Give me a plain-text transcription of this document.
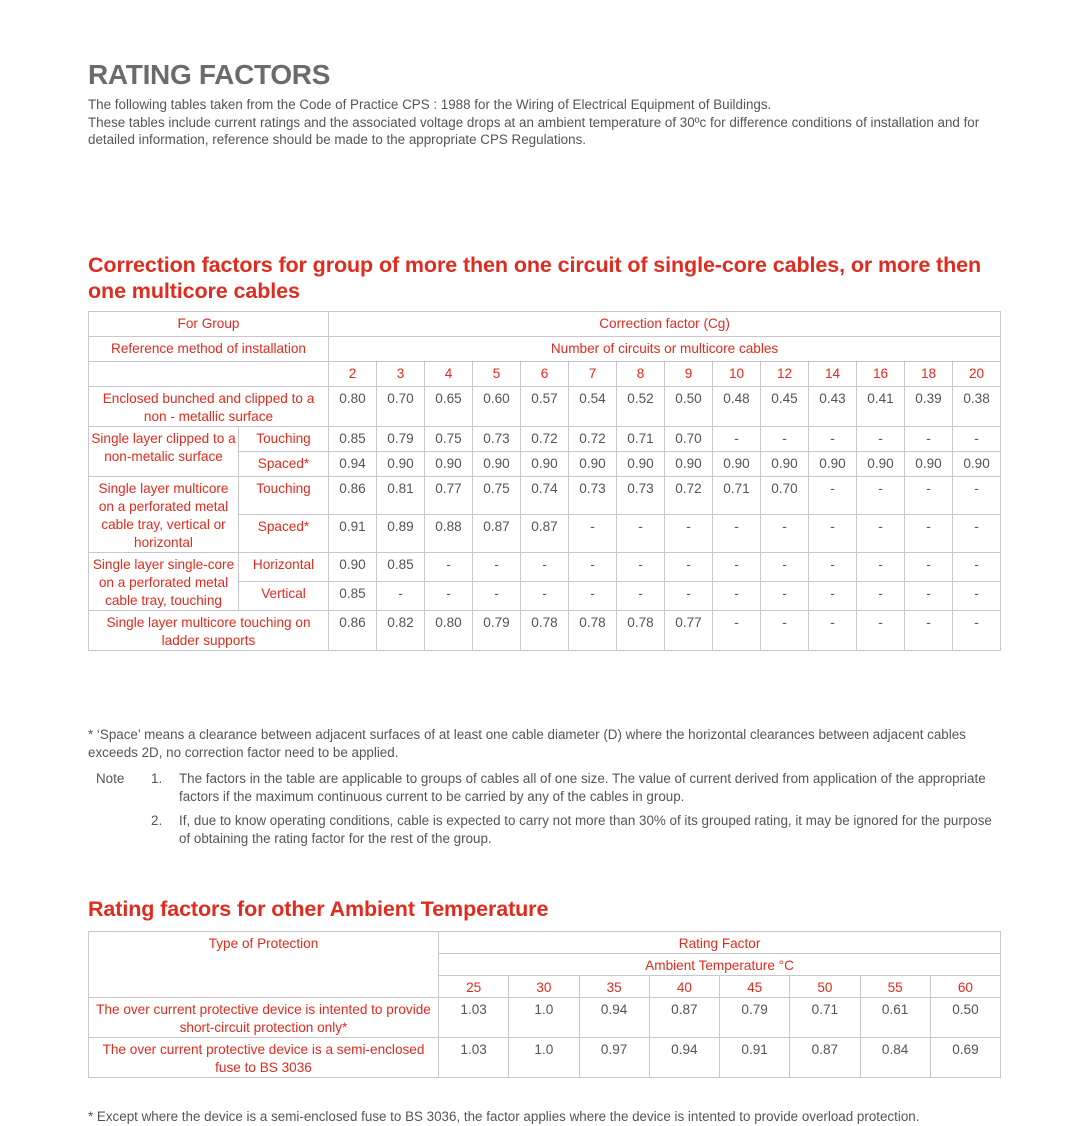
RATING FACTORS

The following tables taken from the Code of Practice CPS : 1988 for the Wiring of Electrical Equipment of Buildings.

These tables include current ratings and the associated voltage drops at an ambient temperature of 30ºc for difference conditions of installation and for detailed information, reference should be made to the appropriate CPS Regulations.

Correction factors for group of more then one circuit of single-core cables, or more then one multicore cables
For Group		Correction factor (Cg)													
Reference method of installation		Number of circuits or multicore cables													
		2	3	4	5	6	7	8	9	10	12	14	16	18	20
Enclosed bunched and clipped to a non - metallic surface		0.80	0.70	0.65	0.60	0.57	0.54	0.52	0.50	0.48	0.45	0.43	0.41	0.39	0.38
Single layer clipped to a non-metalic surface	Touching	0.85	0.79	0.75	0.73	0.72	0.72	0.71	0.70	-	-	-	-	-	-
	Spaced*	0.94	0.90	0.90	0.90	0.90	0.90	0.90	0.90	0.90	0.90	0.90	0.90	0.90	0.90
Single layer multicore on a perforated metal cable tray, vertical or horizontal	Touching	0.86	0.81	0.77	0.75	0.74	0.73	0.73	0.72	0.71	0.70	-	-	-	-
	Spaced*	0.91	0.89	0.88	0.87	0.87	-	-	-	-	-	-	-	-	-
Single layer single-core on a perforated metal cable tray, touching	Horizontal	0.90	0.85	-	-	-	-	-	-	-	-	-	-	-	-
	Vertical	0.85	-	-	-	-	-	-	-	-	-	-	-	-	-
Single layer multicore touching on ladder supports		0.86	0.82	0.80	0.79	0.78	0.78	0.78	0.77	-	-	-	-	-	-
* ‘Space’ means a clearance between adjacent surfaces of at least one cable diameter (D) where the horizontal clearances between adjacent cables exceeds 2D, no correction factor need to be applied.
Note	1.	The factors in the table are applicable to groups of cables all of one size. The value of current derived from application of the appropriate factors if the maximum continuous current to be carried by any of the cables in group.
2.	If, due to know operating conditions, cable is expected to carry not more than 30% of its grouped rating, it may be ignored for the purpose of obtaining the rating factor for the rest of the group.
Rating factors for other Ambient Temperature
Type of Protection	Rating Factor							
	Ambient Temperature °C							
	25	30	35	40	45	50	55	60
The over current protective device is intented to provide short-circuit protection only*	1.03	1.0	0.94	0.87	0.79	0.71	0.61	0.50
The over current protective device is a semi-enclosed fuse to BS 3036	1.03	1.0	0.97	0.94	0.91	0.87	0.84	0.69
* Except where the device is a semi-enclosed fuse to BS 3036, the factor applies where the device is intented to provide overload protection.
